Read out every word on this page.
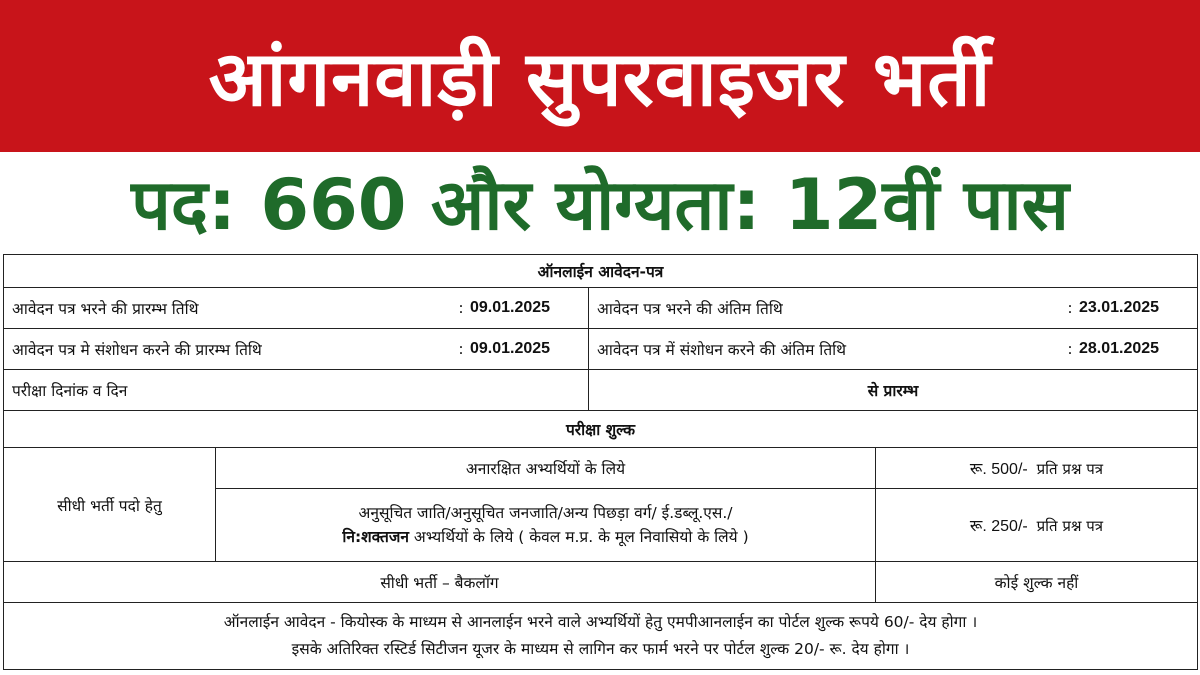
आंगनवाड़ी सुपरवाइजर भर्ती
पद: 660 और योग्यता: 12वीं पास
ऑनलाईन आवेदन-पत्र			

आवेदन पत्र भरने की प्रारम्भ तिथि : 09.01.2025		आवेदन पत्र भरने की अंतिम तिथि : 23.01.2025	

आवेदन पत्र मे संशोधन करने की प्रारम्भ तिथि : 09.01.2025		आवेदन पत्र में संशोधन करने की अंतिम तिथि : 28.01.2025	

परीक्षा दिनांक व दिन		से प्रारम्भ	
परीक्षा शुल्क			
सीधी भर्ती पदो हेतु	अनारक्षित अभ्यर्थियों के लिये		रू. 500/- प्रति प्रश्न पत्र

	अनुसूचित जाति/अनुसूचित जनजाति/अन्य पिछड़ा वर्ग/ ई.डब्लू.एस./
नि:शक्तजन अभ्यर्थियों के लिये ( केवल म.प्र. के मूल निवासियो के लिये )		रू. 250/- प्रति प्रश्न पत्र
सीधी भर्ती – बैकलॉग			कोई शुल्क नहीं

ऑनलाईन आवेदन - कियोस्क के माध्यम से आनलाईन भरने वाले अभ्यर्थियों हेतु एमपीआनलाईन का पोर्टल शुल्क रूपये 60/- देय होगा ।
इसके अतिरिक्त रस्टिर्ड सिटीजन यूजर के माध्यम से लागिन कर फार्म भरने पर पोर्टल शुल्क 20/- रू. देय होगा ।			
